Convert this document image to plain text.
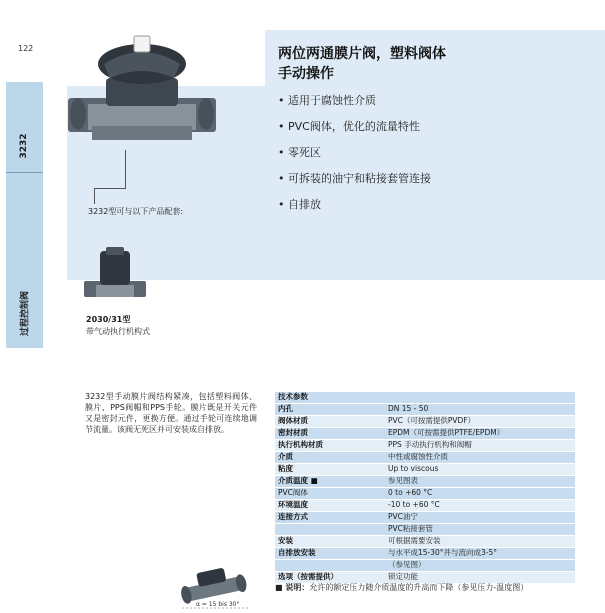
122
3232
过程控制阀
两位两通膜片阀，塑料阀体
手动操作
• 适用于腐蚀性介质
• PVC阀体，优化的流量特性
• 零死区
• 可拆装的油宁和粘接套管连接
• 自排放
3232型可与以下产品配套:
2030/31型
带气动执行机构式
3232型手动膜片阀结构紧凑，包括塑料阀体、膜片、PPS阀帽和PPS手轮。膜片既是开关元件又是密封元件，更换方便。通过手轮可连续地调节流量。该阀无死区并可安装成自排放。
技术参数	
内孔	DN 15 - 50
阀体材质	PVC（可按需提供PVDF）
密封材质	EPDM（可按需提供PTFE/EPDM）
执行机构材质	PPS 手动执行机构和阀帽
介质	中性或腐蚀性介质
粘度	Up to viscous
介质温度 ■	参见图表
PVC阀体	0 to +60 °C
环境温度	-10 to +60 °C
连接方式	PVC油宁
	PVC粘接套管
安装	可根据需要安装
自排放安装	与水平成15-30°并与流向成3-5°
	（参见图）
选项（按需提供）	锁定功能
■ 说明：允许的额定压力随介质温度的升高而下降（参见压力-温度图）
α = 15 bis 30°
